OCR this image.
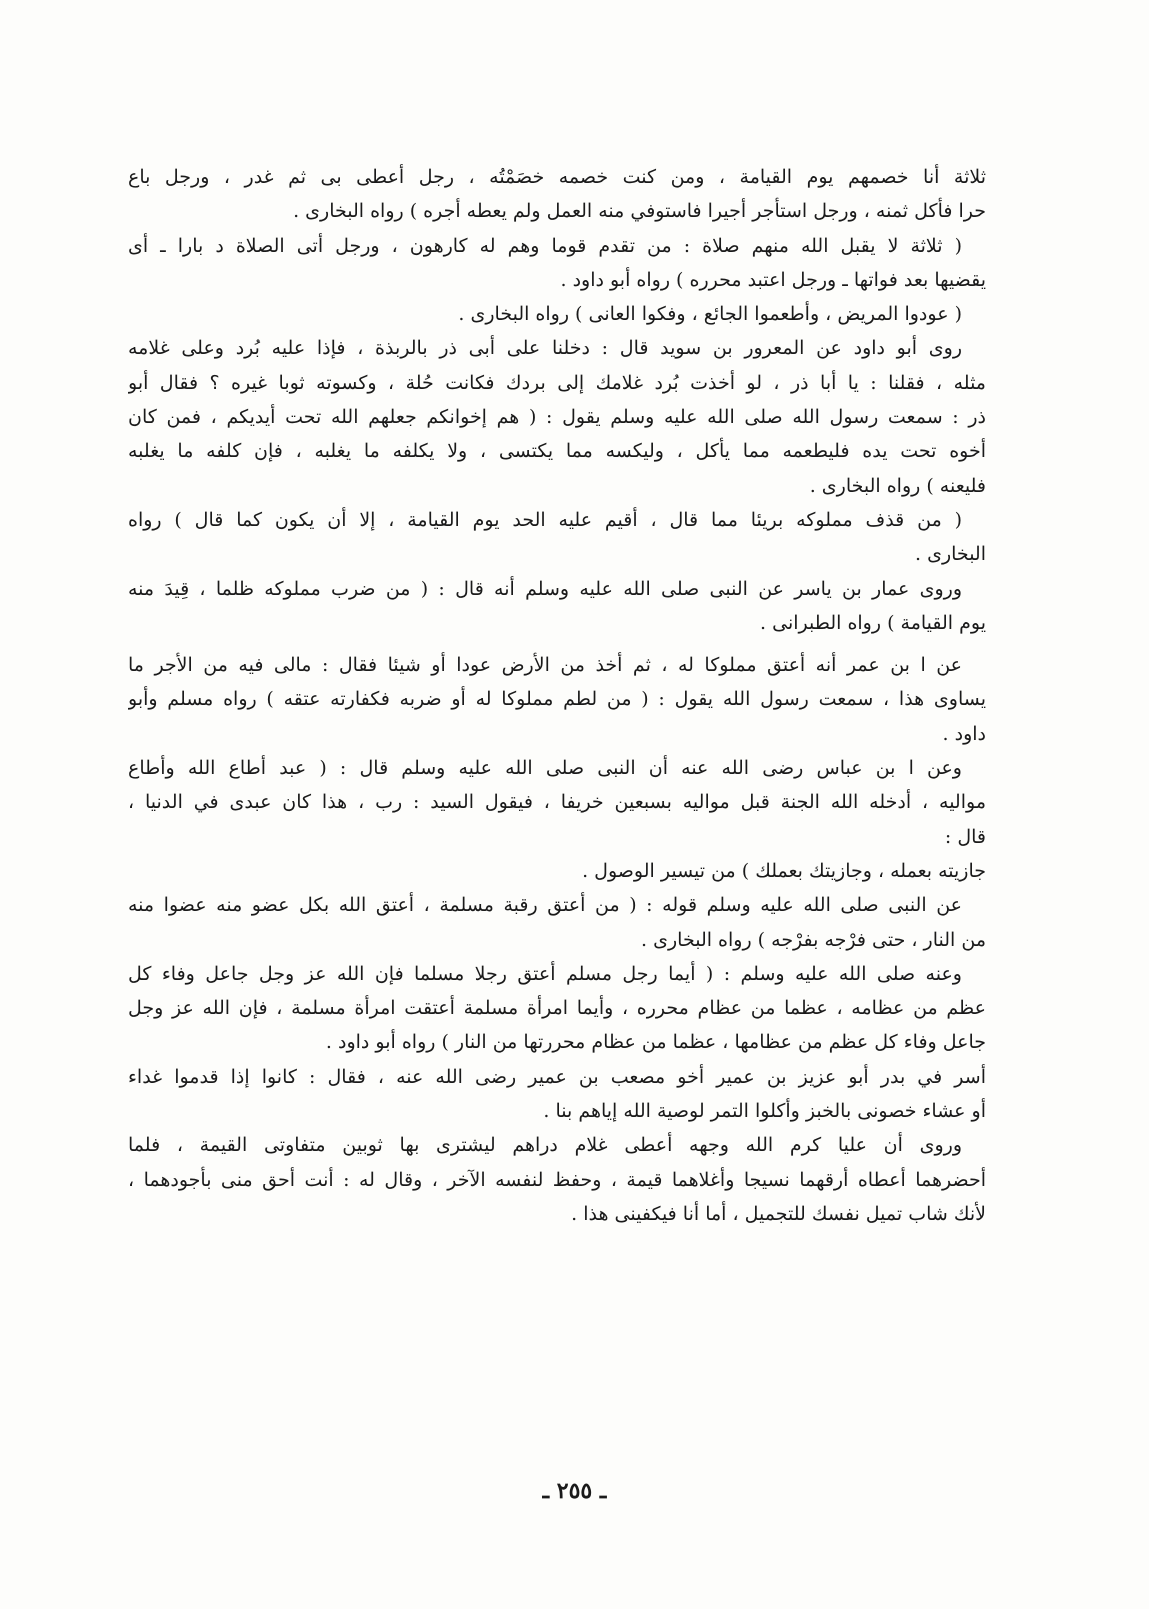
ثلاثة أنا خصمهم يوم القيامة ، ومن كنت خصمه خصَمْتُه ، رجل أعطى بى ثم غدر ، ورجل باع
حرا فأكل ثمنه ، ورجل استأجر أجيرا فاستوفي منه العمل ولم يعطه أجره ) رواه البخارى .
( ثلاثة لا يقبل الله منهم صلاة : من تقدم قوما وهم له كارهون ، ورجل أتى الصلاة د بارا ـ أى
يقضيها بعد فواتها ـ ورجل اعتبد محرره ) رواه أبو داود .
( عودوا المريض ، وأطعموا الجائع ، وفكوا العانى ) رواه البخارى .
روى أبو داود عن المعرور بن سويد قال : دخلنا على أبى ذر بالربذة ، فإذا عليه بُرد وعلى غلامه
مثله ، فقلنا : يا أبا ذر ، لو أخذت بُرد غلامك إلى بردك فكانت حُلة ، وكسوته ثوبا غيره ؟ فقال أبو
ذر : سمعت رسول الله صلى الله عليه وسلم يقول : ( هم إخوانكم جعلهم الله تحت أيديكم ، فمن كان
أخوه تحت يده فليطعمه مما يأكل ، وليكسه مما يكتسى ، ولا يكلفه ما يغلبه ، فإن كلفه ما يغلبه
فليعنه ) رواه البخارى .
( من قذف مملوكه بريئا مما قال ، أقيم عليه الحد يوم القيامة ، إلا أن يكون كما قال ) رواه
البخارى .
وروى عمار بن ياسر عن النبى صلى الله عليه وسلم أنه قال : ( من ضرب مملوكه ظلما ، قِيدَ منه
يوم القيامة ) رواه الطبرانى .
عن ا بن عمر أنه أعتق مملوكا له ، ثم أخذ من الأرض عودا أو شيئا فقال : مالى فيه من الأجر ما
يساوى هذا ، سمعت رسول الله يقول : ( من لطم مملوكا له أو ضربه فكفارته عتقه ) رواه مسلم وأبو
داود .
وعن ا بن عباس رضى الله عنه أن النبى صلى الله عليه وسلم قال : ( عبد أطاع الله وأطاع
مواليه ، أدخله الله الجنة قبل مواليه بسبعين خريفا ، فيقول السيد : رب ، هذا كان عبدى في الدنيا ،
قال :
جازيته بعمله ، وجازيتك بعملك ) من تيسير الوصول .
عن النبى صلى الله عليه وسلم قوله : ( من أعتق رقبة مسلمة ، أعتق الله بكل عضو منه عضوا منه
من النار ، حتى فرْجه بفرْجه ) رواه البخارى .
وعنه صلى الله عليه وسلم : ( أيما رجل مسلم أعتق رجلا مسلما فإن الله عز وجل جاعل وفاء كل
عظم من عظامه ، عظما من عظام محرره ، وأيما امرأة مسلمة أعتقت امرأة مسلمة ، فإن الله عز وجل
جاعل وفاء كل عظم من عظامها ، عظما من عظام محررتها من النار ) رواه أبو داود .
أسر في بدر أبو عزيز بن عمير أخو مصعب بن عمير رضى الله عنه ، فقال : كانوا إذا قدموا غداء
أو عشاء خصونى بالخبز وأكلوا التمر لوصية الله إياهم بنا .
وروى أن عليا كرم الله وجهه أعطى غلام دراهم ليشترى بها ثوبين متفاوتى القيمة ، فلما
أحضرهما أعطاه أرقهما نسيجا وأغلاهما قيمة ، وحفظ لنفسه الآخر ، وقال له : أنت أحق منى بأجودهما ،
لأنك شاب تميل نفسك للتجميل ، أما أنا فيكفينى هذا .
ـ ٢٥٥ ـ
